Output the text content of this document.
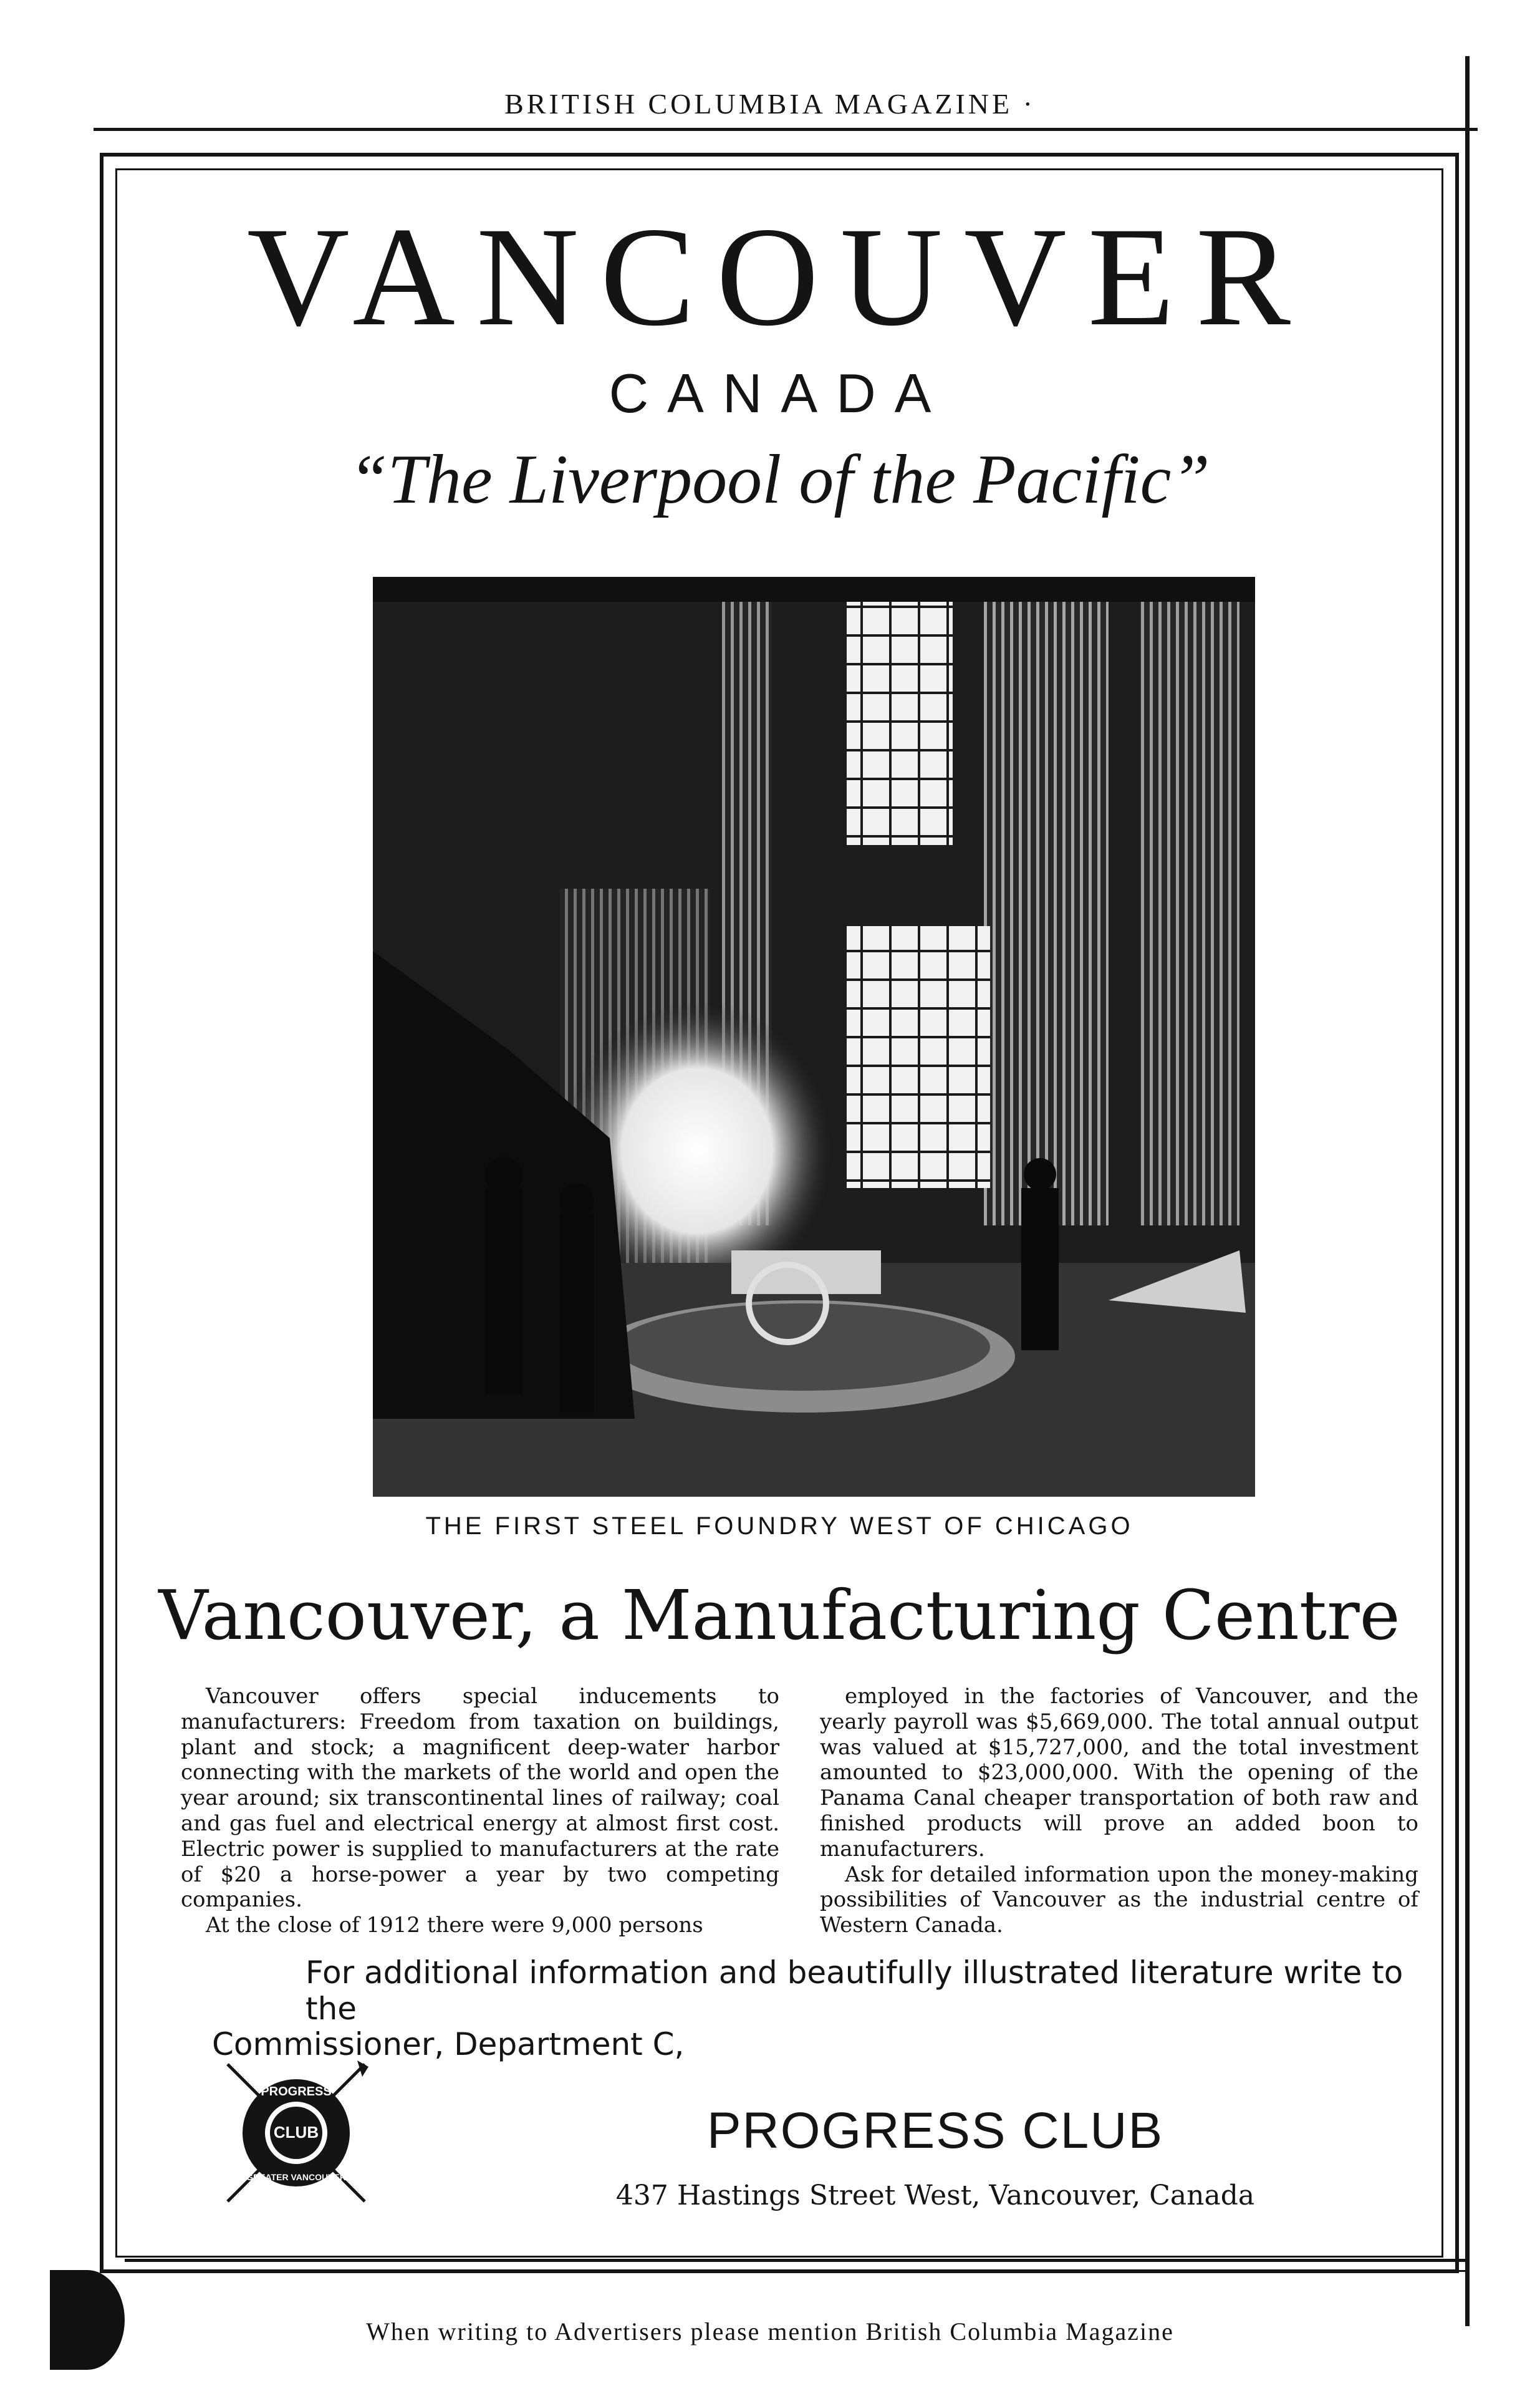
BRITISH COLUMBIA MAGAZINE ·
VANCOUVER
CANADA
“The Liverpool of the Pacific”
THE FIRST STEEL FOUNDRY WEST OF CHICAGO
Vancouver, a Manufacturing Centre

Vancouver offers special inducements to manufacturers: Freedom from taxation on buildings, plant and stock; a magnificent deep-water harbor connecting with the markets of the world and open the year around; six transcontinental lines of railway; coal and gas fuel and electrical energy at almost first cost. Electric power is supplied to manufacturers at the rate of $20 a horse-power a year by two competing companies.

At the close of 1912 there were 9,000 persons

employed in the factories of Vancouver, and the yearly payroll was $5,669,000. The total annual output was valued at $15,727,000, and the total investment amounted to $23,000,000. With the opening of the Panama Canal cheaper transportation of both raw and finished products will prove an added boon to manufacturers.

Ask for detailed information upon the money-making possibilities of Vancouver as the industrial centre of Western Canada.

For additional information and beautifully illustrated literature write to the
Commissioner, Department C,
PROGRESS
CLUB
GREATER VANCOUVER
PROGRESS CLUB
437 Hastings Street West, Vancouver, Canada
When writing to Advertisers please mention British Columbia Magazine
